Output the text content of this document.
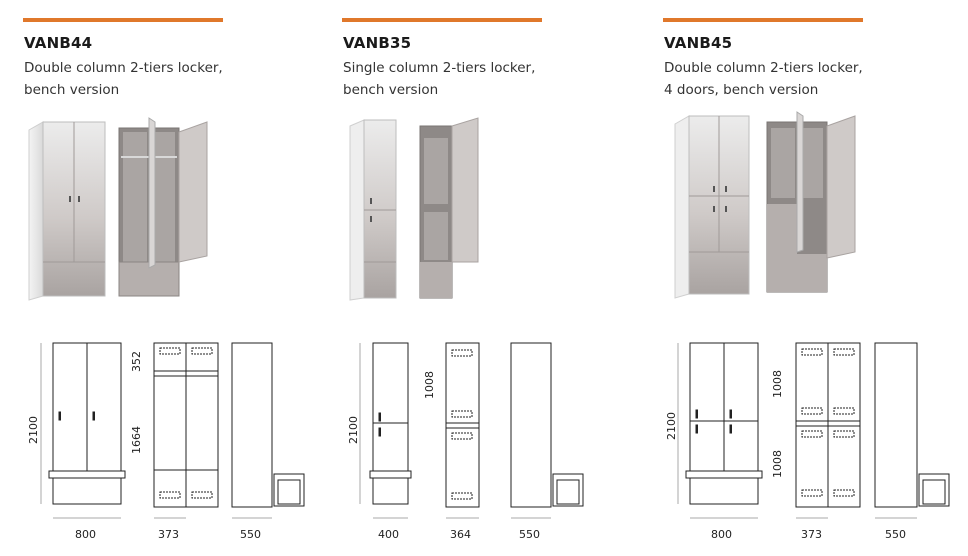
VANB44
Double column 2-tiers locker,
bench version
2100
800	373	550
352
1664
VANB35
Single column 2-tiers locker,
bench version
2100
400	364	550
1008
VANB45
Double column 2-tiers locker,
4 doors, bench version
2100
800	373	550
1008
1008
